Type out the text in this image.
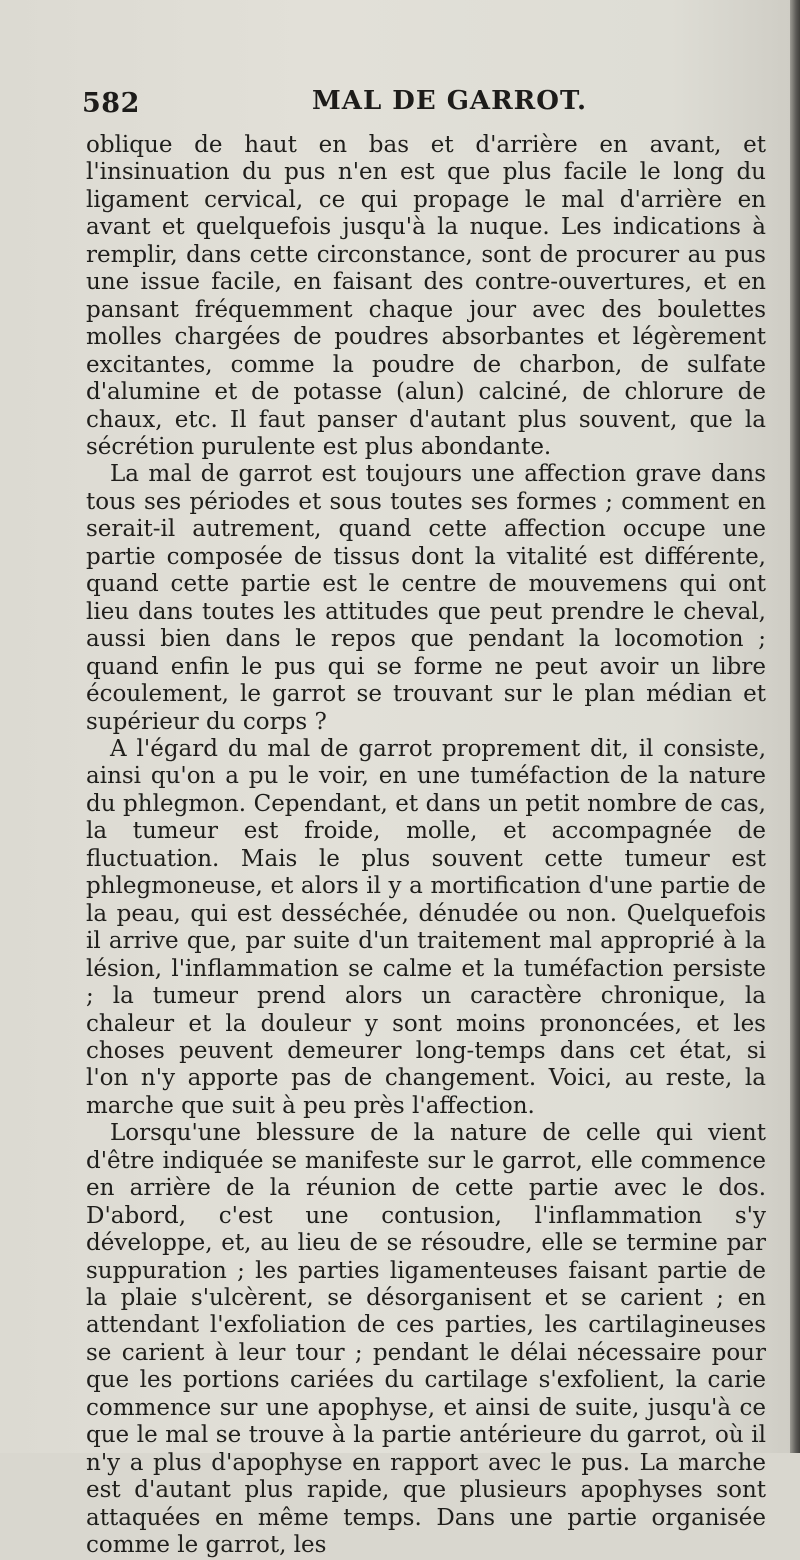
582	MAL DE GARROT.

oblique de haut en bas et d'arrière en avant, et l'insinuation du pus n'en est que plus facile le long du ligament cervical, ce qui propage le mal d'arrière en avant et quelquefois jusqu'à la nuque. Les indications à remplir, dans cette circonstance, sont de procurer au pus une issue facile, en faisant des contre-ouvertures, et en pansant fréquemment chaque jour avec des boulettes molles chargées de poudres absorbantes et légèrement excitantes, comme la poudre de charbon, de sulfate d'alumine et de potasse (alun) calciné, de chlorure de chaux, etc. Il faut panser d'autant plus souvent, que la sécrétion purulente est plus abondante.

La mal de garrot est toujours une affection grave dans tous ses périodes et sous toutes ses formes ; comment en serait-il autrement, quand cette affection occupe une partie composée de tissus dont la vitalité est différente, quand cette partie est le centre de mouvemens qui ont lieu dans toutes les attitudes que peut prendre le cheval, aussi bien dans le repos que pendant la locomotion ; quand enfin le pus qui se forme ne peut avoir un libre écoulement, le garrot se trouvant sur le plan médian et supérieur du corps ?

A l'égard du mal de garrot proprement dit, il consiste, ainsi qu'on a pu le voir, en une tuméfaction de la nature du phlegmon. Cependant, et dans un petit nombre de cas, la tumeur est froide, molle, et accompagnée de fluctuation. Mais le plus souvent cette tumeur est phlegmoneuse, et alors il y a mortification d'une partie de la peau, qui est desséchée, dénudée ou non. Quelquefois il arrive que, par suite d'un traitement mal approprié à la lésion, l'inflammation se calme et la tuméfaction persiste ; la tumeur prend alors un caractère chronique, la chaleur et la douleur y sont moins prononcées, et les choses peuvent demeurer long-temps dans cet état, si l'on n'y apporte pas de changement. Voici, au reste, la marche que suit à peu près l'affection.

Lorsqu'une blessure de la nature de celle qui vient d'être indiquée se manifeste sur le garrot, elle commence en arrière de la réunion de cette partie avec le dos. D'abord, c'est une contusion, l'inflammation s'y développe, et, au lieu de se résoudre, elle se termine par suppuration ; les parties ligamenteuses faisant partie de la plaie s'ulcèrent, se désorganisent et se carient ; en attendant l'exfoliation de ces parties, les cartilagineuses se carient à leur tour ; pendant le délai nécessaire pour que les portions cariées du cartilage s'exfolient, la carie commence sur une apophyse, et ainsi de suite, jusqu'à ce que le mal se trouve à la partie antérieure du garrot, où il n'y a plus d'apophyse en rapport avec le pus. La marche est d'autant plus rapide, que plusieurs apophyses sont attaquées en même temps. Dans une partie organisée comme le garrot, les
